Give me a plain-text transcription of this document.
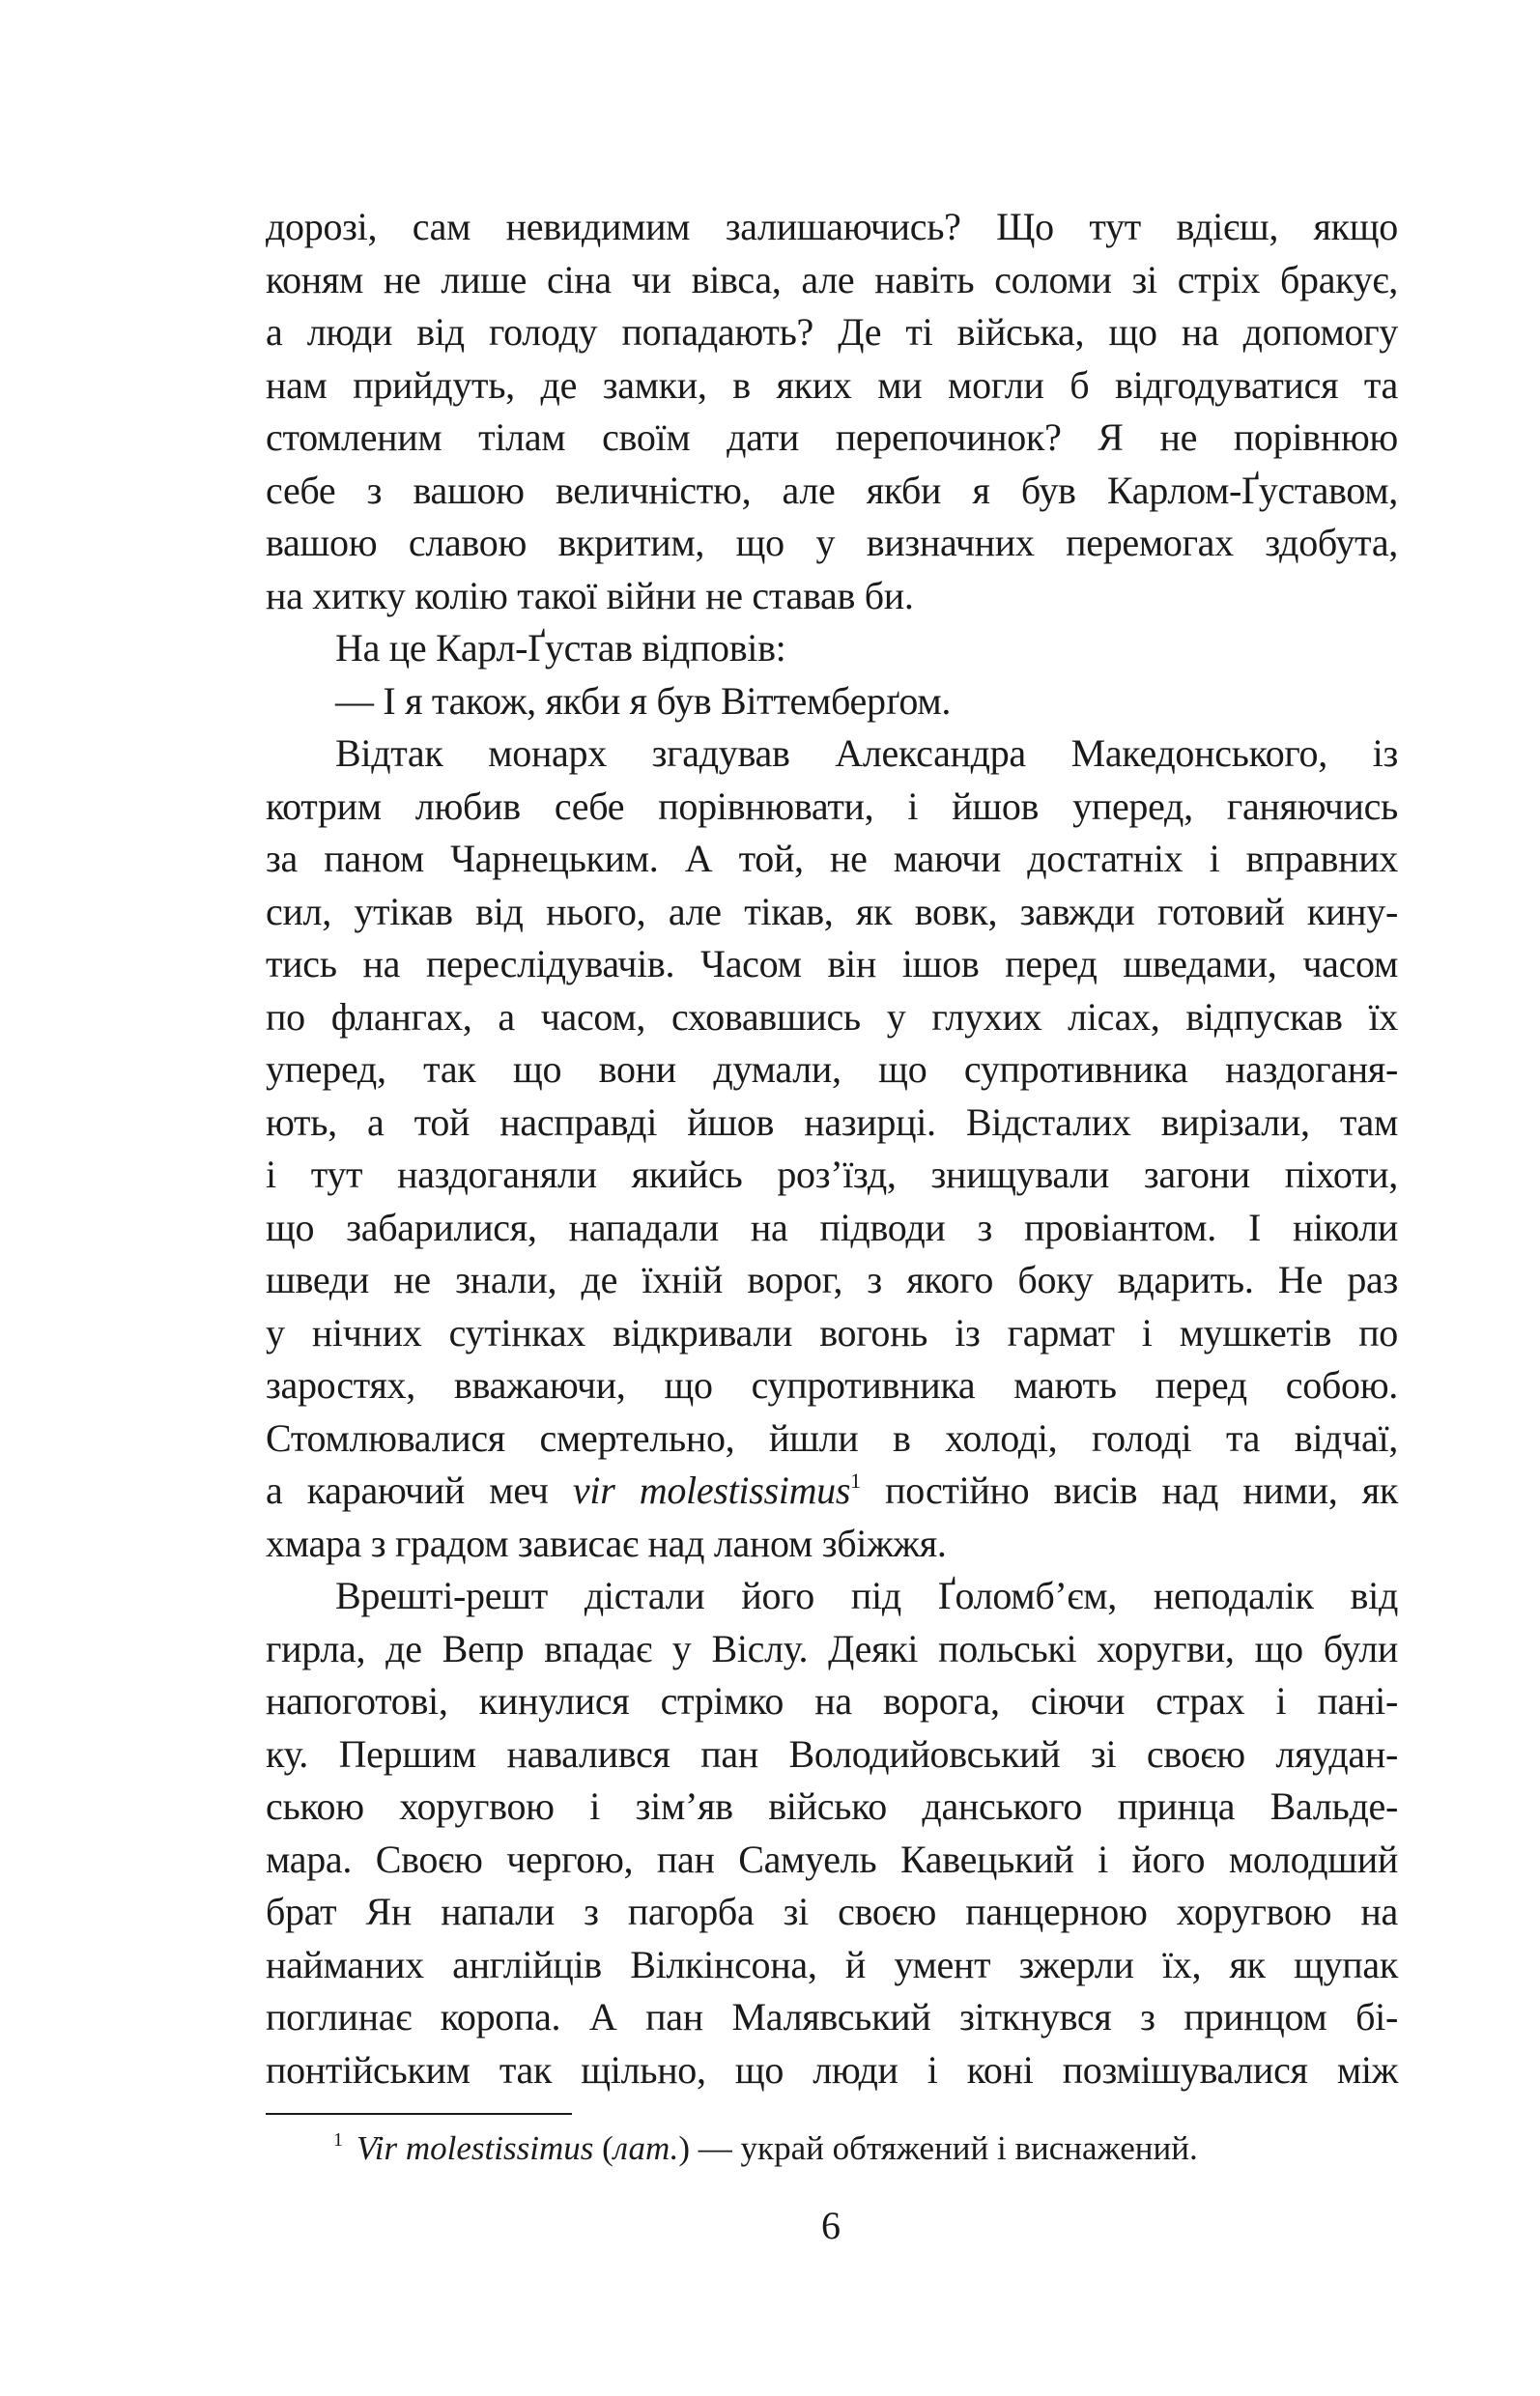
дорозі, сам невидимим залишаючись? Що тут вдієш, якщо
коням не лише сіна чи вівса, але навіть соломи зі стріх бракує,
а люди від голоду попадають? Де ті війська, що на допомогу
нам прийдуть, де замки, в яких ми могли б відгодуватися та
стомленим тілам своїм дати перепочинок? Я не порівнюю
себе з вашою величністю, але якби я був Карлом-Ґуставом,
вашою славою вкритим, що у визначних перемогах здобута,
на хитку колію такої війни не ставав би.
На це Карл-Ґустав відповів:
— І я також, якби я був Віттемберґом.
Відтак монарх згадував Александра Македонського, із
котрим любив себе порівнювати, і йшов уперед, ганяючись
за паном Чарнецьким. А той, не маючи достатніх і вправних
сил, утікав від нього, але тікав, як вовк, завжди готовий кину-
тись на переслідувачів. Часом він ішов перед шведами, часом
по флангах, а часом, сховавшись у глухих лісах, відпускав їх
уперед, так що вони думали, що супротивника наздоганя-
ють, а той насправді йшов назирці. Відсталих вирізали, там
і тут наздоганяли якийсь роз’їзд, знищували загони піхоти,
що забарилися, нападали на підводи з провіантом. І ніколи
шведи не знали, де їхній ворог, з якого боку вдарить. Не раз
у нічних сутінках відкривали вогонь із гармат і мушкетів по
заростях, вважаючи, що супротивника мають перед собою.
Стомлювалися смертельно, йшли в холоді, голоді та відчаї,
а караючий меч vir molestissimus$^1$ постійно висів над ними, як
хмара з градом зависає над ланом збіжжя.
Врешті-решт дістали його під Ґоломб’єм, неподалік від
гирла, де Вепр впадає у Віслу. Деякі польські хоругви, що були
напоготові, кинулися стрімко на ворога, сіючи страх і пані-
ку. Першим навалився пан Володийовський зі своєю ляудан-
ською хоругвою і зім’яв військо данського принца Вальде-
мара. Своєю чергою, пан Самуель Кавецький і його молодший
брат Ян напали з пагорба зі своєю панцерною хоругвою на
найманих англійців Вілкінсона, й умент зжерли їх, як щупак
поглинає коропа. А пан Малявський зіткнувся з принцом бі-
понтійським так щільно, що люди і коні позмішувалися між
$^1$ Vir molestissimus (лат.) — украй обтяжений і виснажений.
6
